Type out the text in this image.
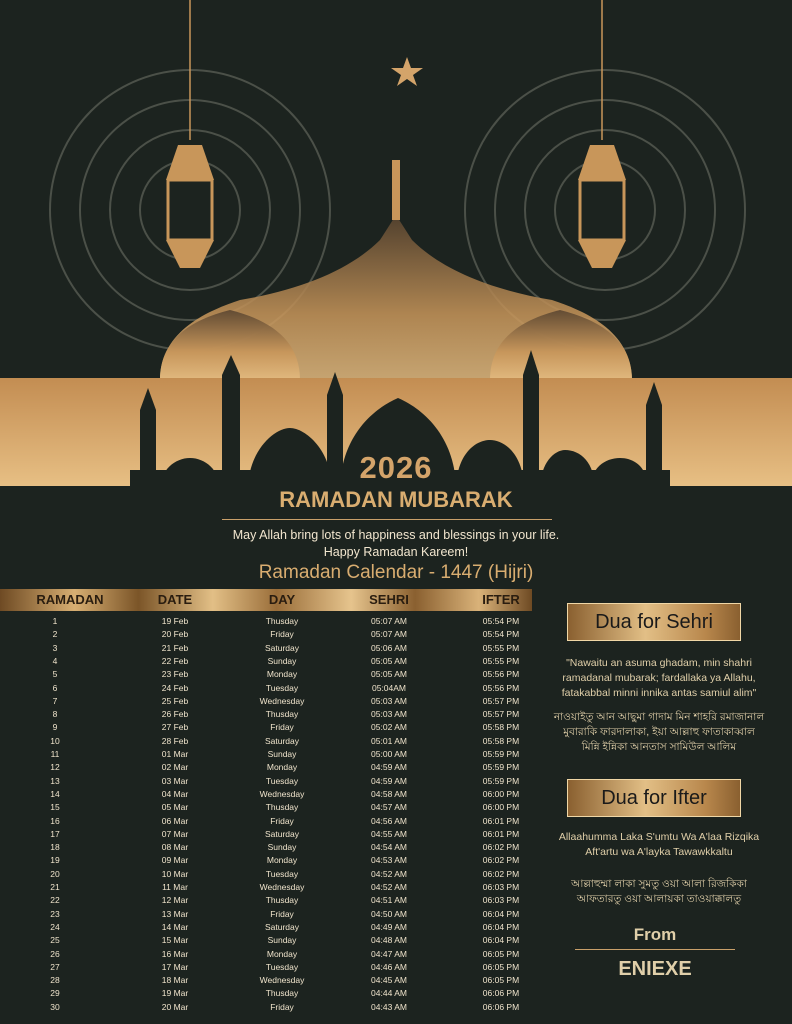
2026
RAMADAN MUBARAK
May Allah bring lots of happiness and blessings in your life.
Happy Ramadan Kareem!
Ramadan Calendar - 1447 (Hijri)
RAMADAN	DATE	DAY	SEHRI	IFTER
1	19 Feb	Thusday	05:07 AM	05:54 PM
2	20 Feb	Friday	05:07 AM	05:54 PM
3	21 Feb	Saturday	05:06 AM	05:55 PM
4	22 Feb	Sunday	05:05 AM	05:55 PM
5	23 Feb	Monday	05:05 AM	05:56 PM
6	24 Feb	Tuesday	05:04AM	05:56 PM
7	25 Feb	Wednesday	05:03 AM	05:57 PM
8	26 Feb	Thusday	05:03 AM	05:57 PM
9	27 Feb	Friday	05:02 AM	05:58 PM
10	28 Feb	Saturday	05:01 AM	05:58 PM
11	01 Mar	Sunday	05:00 AM	05:59 PM
12	02 Mar	Monday	04:59 AM	05:59 PM
13	03 Mar	Tuesday	04:59 AM	05:59 PM
14	04 Mar	Wednesday	04:58 AM	06:00 PM
15	05 Mar	Thusday	04:57 AM	06:00 PM
16	06 Mar	Friday	04:56 AM	06:01 PM
17	07 Mar	Saturday	04:55 AM	06:01 PM
18	08 Mar	Sunday	04:54 AM	06:02 PM
19	09 Mar	Monday	04:53 AM	06:02 PM
20	10 Mar	Tuesday	04:52 AM	06:02 PM
21	11 Mar	Wednesday	04:52 AM	06:03 PM
22	12 Mar	Thusday	04:51 AM	06:03 PM
23	13 Mar	Friday	04:50 AM	06:04 PM
24	14 Mar	Saturday	04:49 AM	06:04 PM
25	15 Mar	Sunday	04:48 AM	06:04 PM
26	16 Mar	Monday	04:47 AM	06:05 PM
27	17 Mar	Tuesday	04:46 AM	06:05 PM
28	18 Mar	Wednesday	04:45 AM	06:05 PM
29	19 Mar	Thusday	04:44 AM	06:06 PM
30	20 Mar	Friday	04:43 AM	06:06 PM
Dua for Sehri
"Nawaitu an asuma ghadam, min shahri
ramadanal mubarak; fardallaka ya Allahu,
fatakabbal minni innika antas samiul alim"
নাওয়াইতু আন আছুমা গাদাম মিন শাহরি রমাজানাল
মুবারাকি ফারদালাকা, ইয়া আল্লাহু ফাতাকাব্বাল
মিন্নি ইন্নিকা আনতাস সামিউল আলিম
Dua for Ifter
Allaahumma Laka S'umtu Wa A'laa Rizqika
Aft'artu wa A'layka Tawawkkaltu
আল্লাহুম্মা লাকা সুমতু ওয়া আলা রিজকিকা
আফতারতু ওয়া আলায়কা তাওয়াক্কালতু
From
ENIEXE
